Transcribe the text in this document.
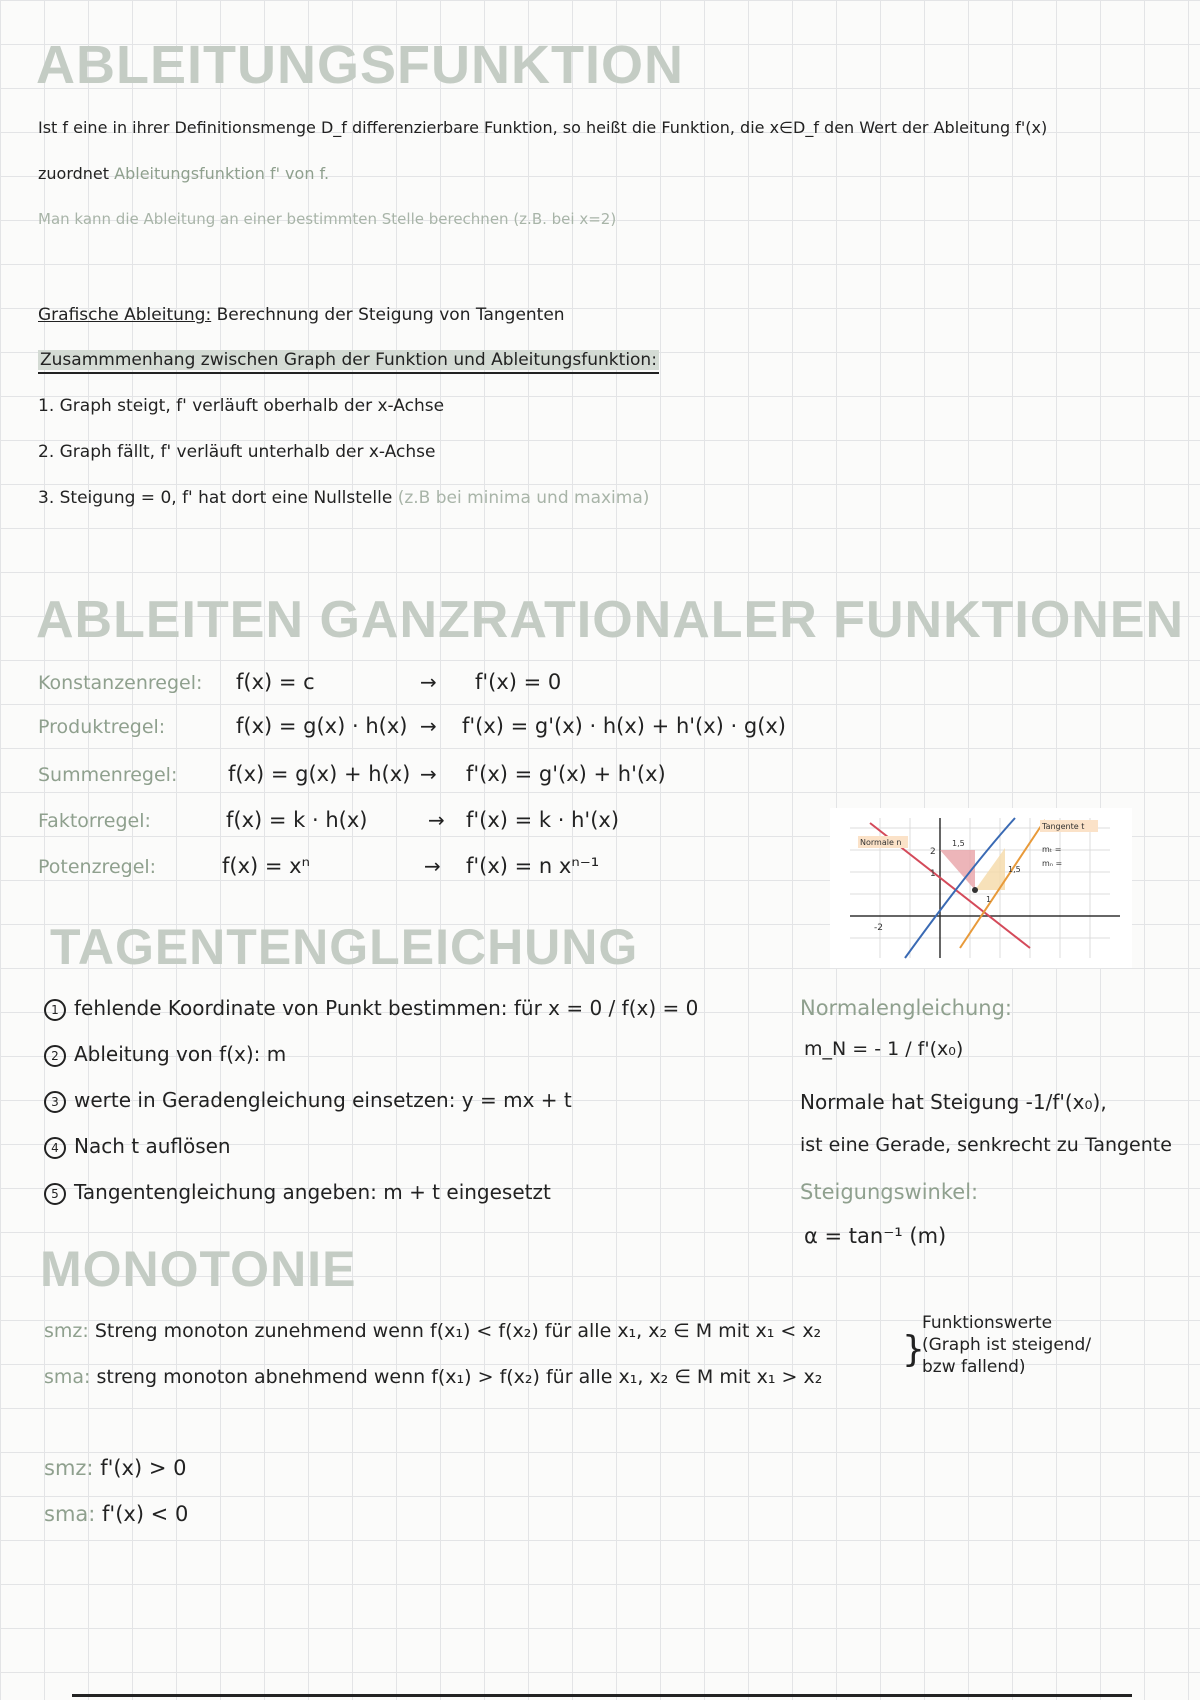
ABLEITUNGSFUNKTION
Ist f eine in ihrer Definitionsmenge D_f differenzierbare Funktion, so heißt die Funktion, die x∈D_f den Wert der Ableitung f'(x)
zuordnet Ableitungsfunktion f' von f.
Man kann die Ableitung an einer bestimmten Stelle berechnen (z.B. bei x=2)
Grafische Ableitung: Berechnung der Steigung von Tangenten
Zusammmenhang zwischen Graph der Funktion und Ableitungsfunktion:
1. Graph steigt, f' verläuft oberhalb der x-Achse
2. Graph fällt, f' verläuft unterhalb der x-Achse
3. Steigung = 0, f' hat dort eine Nullstelle (z.B bei minima und maxima)
ABLEITEN GANZRATIONALER FUNKTIONEN
Konstanzenregel: f(x) = c	→ f'(x) = 0
Produktregel:	f(x) = g(x) · h(x) → f'(x) = g'(x) · h(x) + h'(x) · g(x)
Summenregel: f(x) = g(x) + h(x) → f'(x) = g'(x) + h'(x)
Faktorregel:	f(x) = k · h(x)	→ f'(x) = k · h'(x)
Potenzregel:	f(x) = xⁿ	→ f'(x) = n xⁿ⁻¹
Normale n
Tangente t
mₜ =
mₙ =
2
1
-2
1,5
1,5
1
TAGENTENGLEICHUNG
1 fehlende Koordinate von Punkt bestimmen: für x = 0 / f(x) = 0
2 Ableitung von f(x): m
3 werte in Geradengleichung einsetzen: y = mx + t
4 Nach t auflösen
5 Tangentengleichung angeben: m + t eingesetzt
Normalengleichung:
m_N = - 1 / f'(x₀)
Normale hat Steigung -1/f'(x₀),
ist eine Gerade, senkrecht zu Tangente
Steigungswinkel:
α = tan⁻¹ (m)
MONOTONIE
smz: Streng monoton zunehmend wenn f(x₁) < f(x₂) für alle x₁, x₂ ∈ M mit x₁ < x₂
sma: streng monoton abnehmend wenn f(x₁) > f(x₂) für alle x₁, x₂ ∈ M mit x₁ > x₂
}
Funktionswerte
(Graph ist steigend/
bzw fallend)
smz: f'(x) > 0
sma: f'(x) < 0
